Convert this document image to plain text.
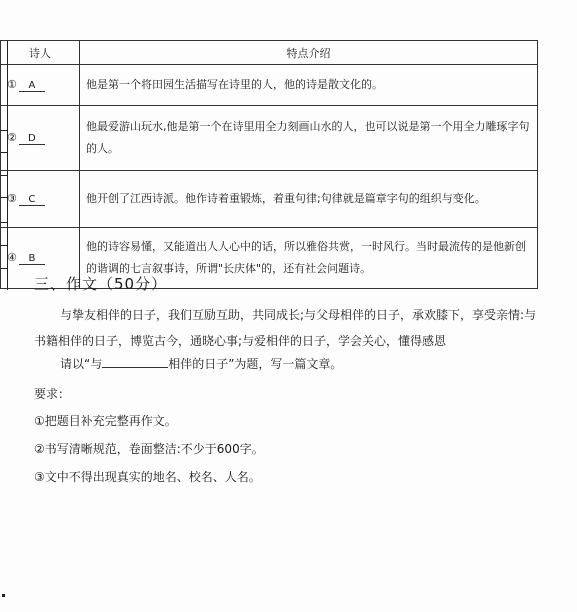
诗人	特点介绍
① A	他是第一个将田园生活描写在诗里的人，他的诗是散文化的。
② D	他最爱游山玩水,他是第一个在诗里用全力刻画山水的人，也可以说是第一个用全力雕琢字句的人。
③ C	他开创了江西诗派。他作诗着重锻炼，着重句律;句律就是篇章字句的组织与变化。
④ B	他的诗容易懂，又能道出人人心中的话，所以雅俗共赏，一时风行。当时最流传的是他新创的谐调的七言叙事诗，所谓"长庆体"的，还有社会问题诗。
三、作文（50分）
与挚友相伴的日子，我们互励互助，共同成长;与父母相伴的日子，承欢膝下，享受亲情:与书籍相伴的日子，博览古今，通晓心事;与爱相伴的日子，学会关心，懂得感恩
请以“与	相伴的日子”为题，写一篇文章。
要求：
①把题目补充完整再作文。
②书写清晰规范，卷面整洁:不少于600字。
③文中不得出现真实的地名、校名、人名。
